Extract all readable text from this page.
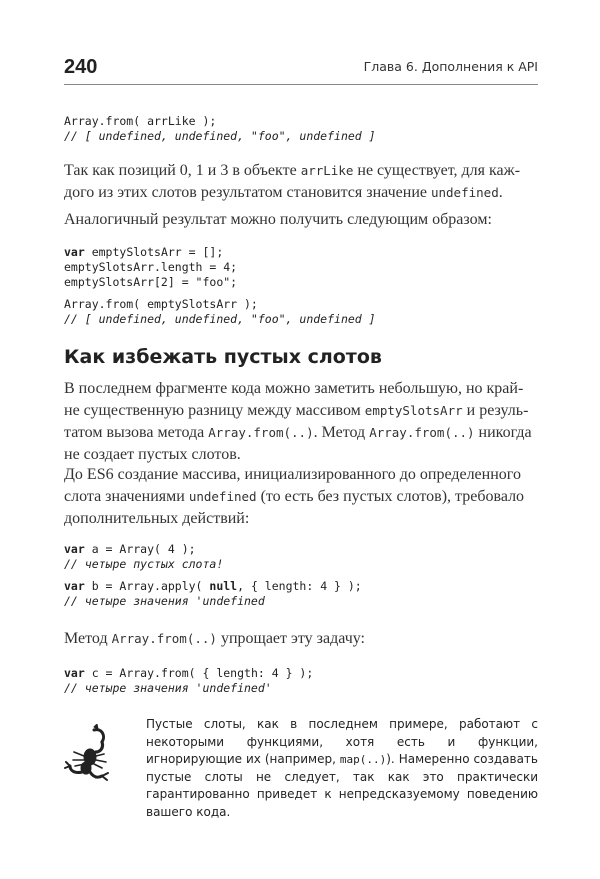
240	Глава 6. Дополнения к API
Array.from( arrLike );
// [ undefined, undefined, "foo", undefined ]

Так как позиций 0, 1 и 3 в объекте arrLike не существует, для каж-
дого из этих слотов результатом становится значение undefined.

Аналогичный результат можно получить следующим образом:

var emptySlotsArr = [];
emptySlotsArr.length = 4;
emptySlotsArr[2] = "foo";

Array.from( emptySlotsArr );
// [ undefined, undefined, "foo", undefined ]
Как избежать пустых слотов

В последнем фрагменте кода можно заметить небольшую, но край-
не существенную разницу между массивом emptySlotsArr и резуль-
татом вызова метода Array.from(..). Метод Array.from(..) никогда
не создает пустых слотов.

До ES6 создание массива, инициализированного до определенного
слота значениями undefined (то есть без пустых слотов), требовало
дополнительных действий:

var a = Array( 4 );
// четыре пустых слота!

var b = Array.apply( null, { length: 4 } );
// четыре значения 'undefined

Метод Array.from(..) упрощает эту задачу:

var c = Array.from( { length: 4 } );
// четыре значения 'undefined'

Пустые слоты, как в последнем примере, работают с некоторыми функциями, хотя есть и функции, игнорирующие их (например, map(..)). Намеренно создавать пустые слоты не следует, так как это практически гарантированно приведет к непредсказуемому поведению вашего кода.
